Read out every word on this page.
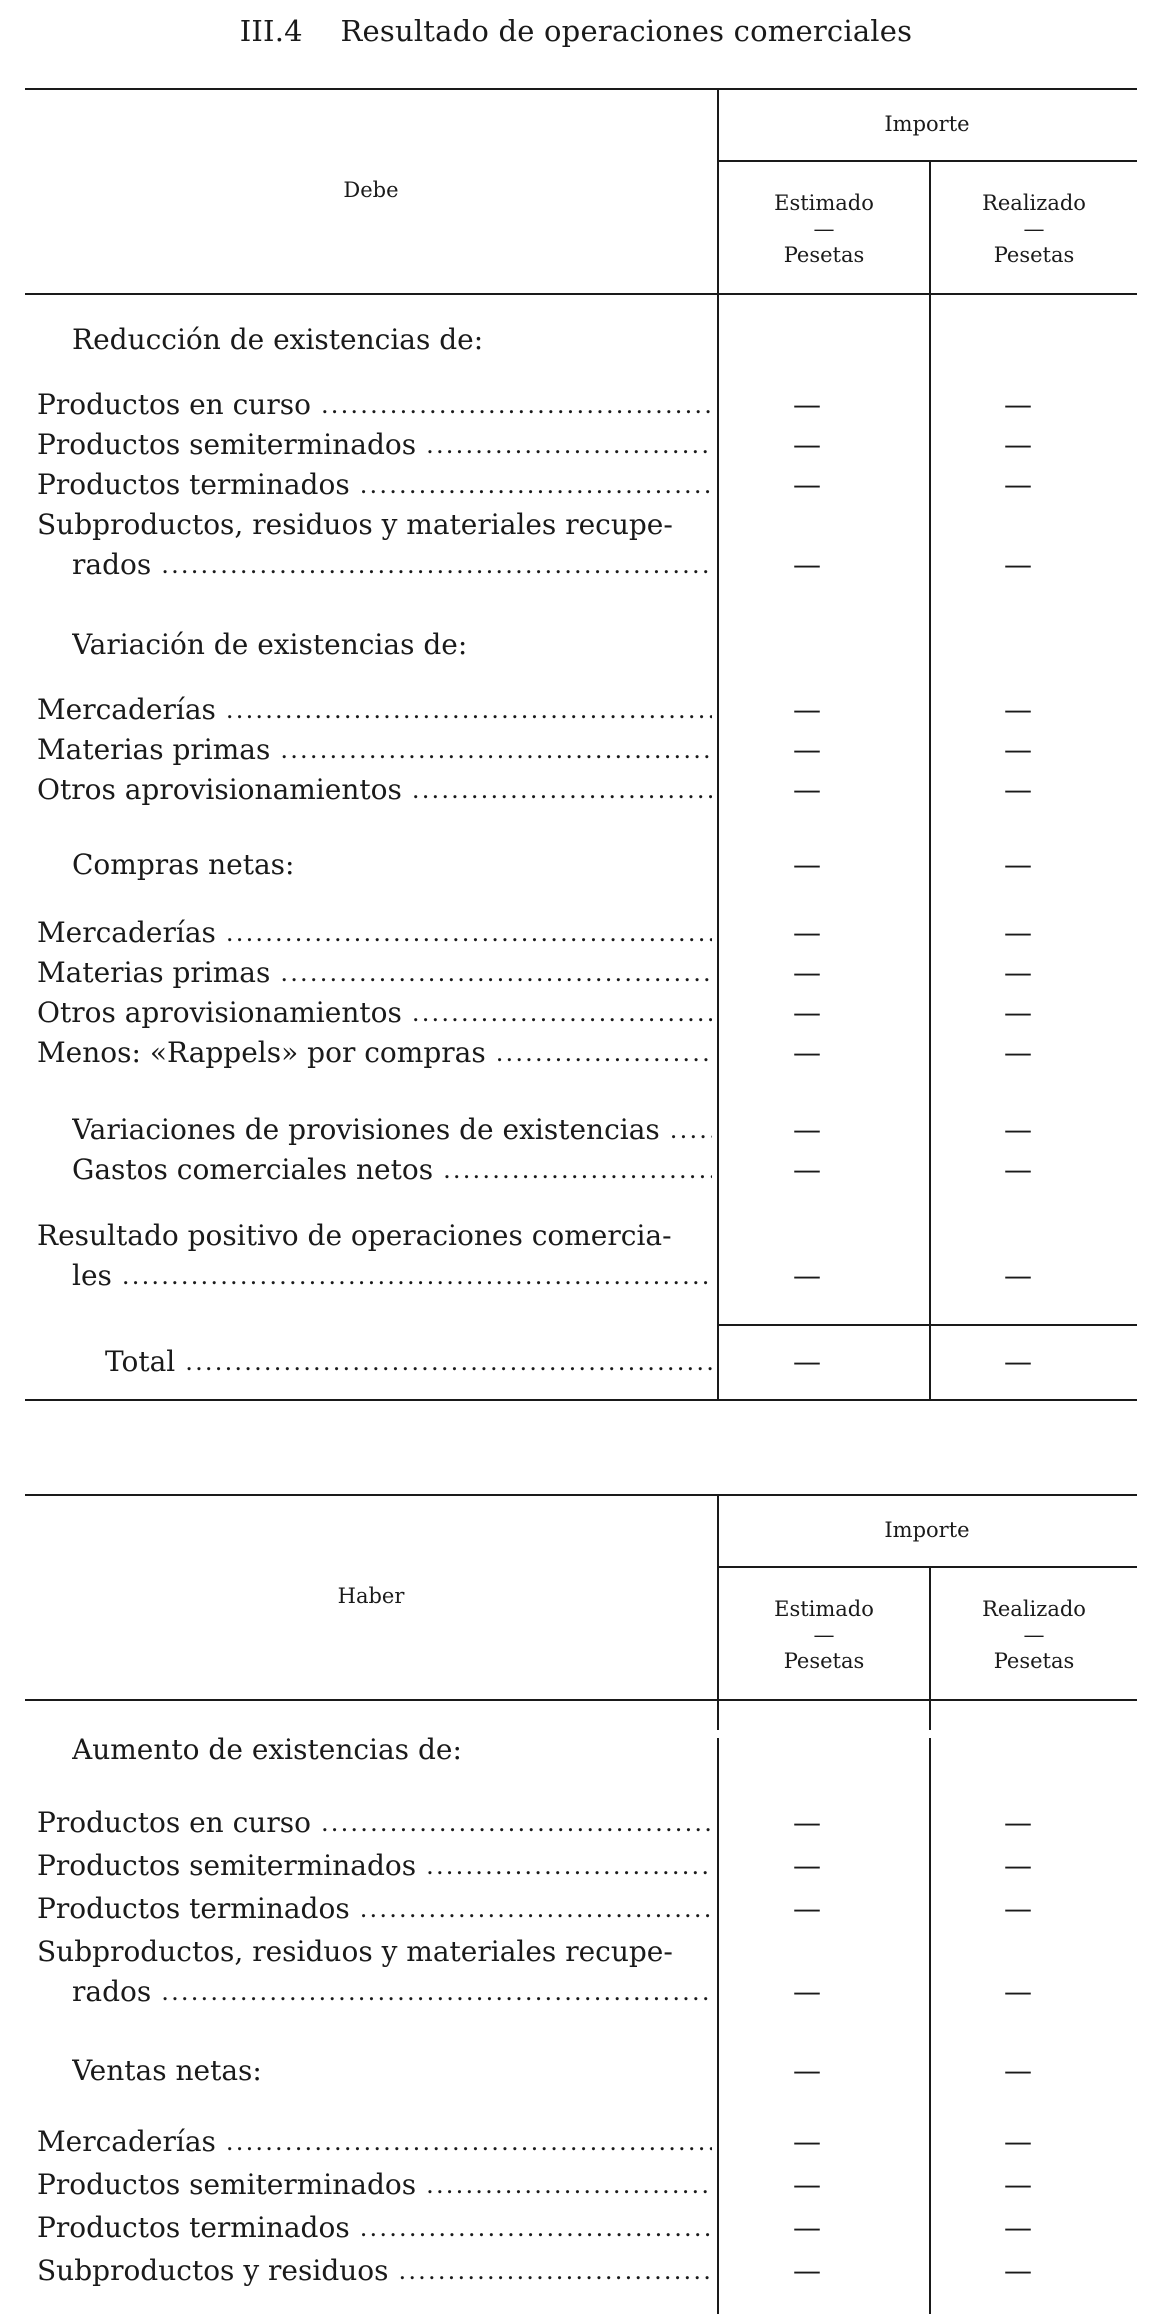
III.4    Resultado de operaciones comerciales
Debe
Importe
Estimado
—
Pesetas
Realizado
—
Pesetas
Reducción de existencias de:
Productos en curso .....	—	—
Productos semiterminados .....	—	—
Productos terminados .....	—	—
Subproductos, residuos y materiales recupe-
rados .....	—	—
Variación de existencias de:
Mercaderías .....	—	—
Materias primas .....	—	—
Otros aprovisionamientos .....	—	—
Compras netas:	—	—
Mercaderías .....	—	—
Materias primas .....	—	—
Otros aprovisionamientos .....	—	—
Menos: «Rappels» por compras .....	—	—
Variaciones de provisiones de existencias .....	—	—
Gastos comerciales netos .....	—	—
Resultado positivo de operaciones comercia-
les .....	—	—
Total .....	—	—
Haber
Importe
Estimado
—
Pesetas
Realizado
—
Pesetas
Aumento de existencias de:
Productos en curso .....	—	—
Productos semiterminados .....	—	—
Productos terminados .....	—	—
Subproductos, residuos y materiales recupe-
rados .....	—	—
Ventas netas:	—	—
Mercaderías .....	—	—
Productos semiterminados .....	—	—
Productos terminados .....	—	—
Subproductos y residuos .....	—	—
